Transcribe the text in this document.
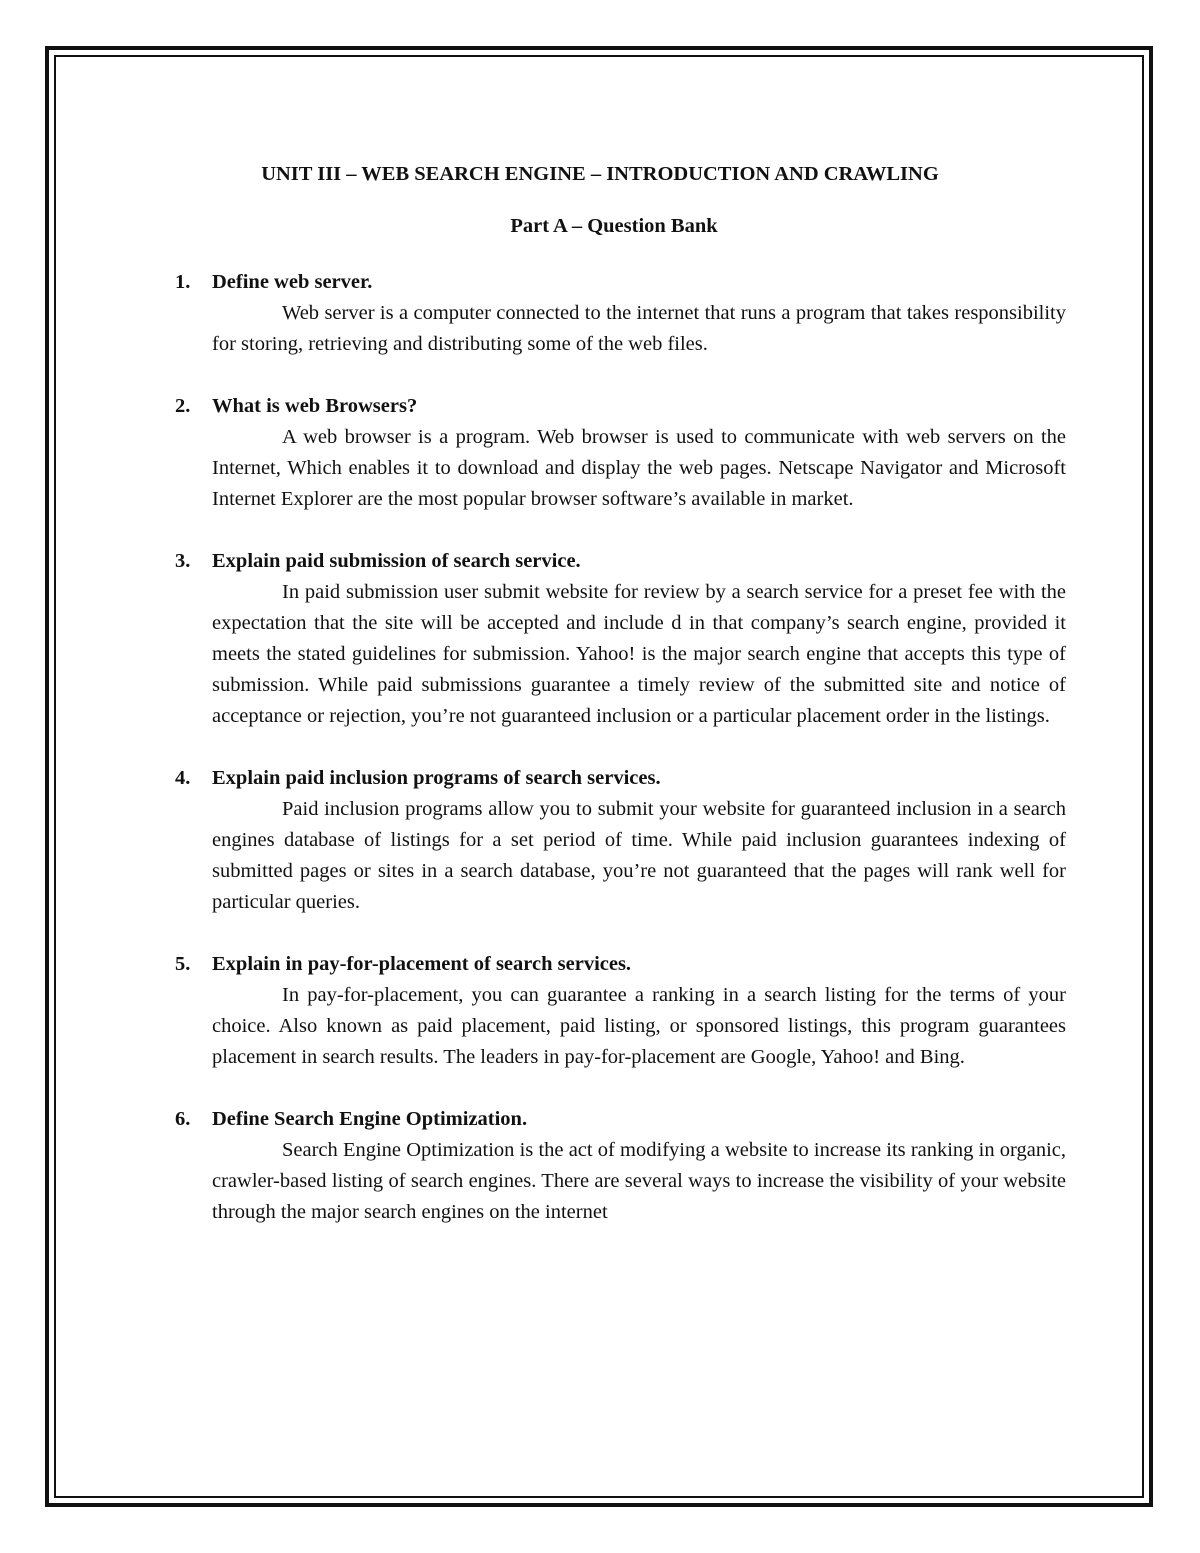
UNIT III – WEB SEARCH ENGINE – INTRODUCTION AND CRAWLING
Part A – Question Bank
1. Define web server.

Web server is a computer connected to the internet that runs a program that takes responsibility for storing, retrieving and distributing some of the web files.

2. What is web Browsers?

A web browser is a program. Web browser is used to communicate with web servers on the Internet, Which enables it to download and display the web pages. Netscape Navigator and Microsoft Internet Explorer are the most popular browser software’s available in market.

3. Explain paid submission of search service.

In paid submission user submit website for review by a search service for a preset fee with the expectation that the site will be accepted and include d in that company’s search engine, provided it meets the stated guidelines for submission. Yahoo! is the major search engine that accepts this type of submission. While paid submissions guarantee a timely review of the submitted site and notice of acceptance or rejection, you’re not guaranteed inclusion or a particular placement order in the listings.

4. Explain paid inclusion programs of search services.

Paid inclusion programs allow you to submit your website for guaranteed inclusion in a search engines database of listings for a set period of time. While paid inclusion guarantees indexing of submitted pages or sites in a search database, you’re not guaranteed that the pages will rank well for particular queries.

5. Explain in pay-for-placement of search services.

In pay-for-placement, you can guarantee a ranking in a search listing for the terms of your choice. Also known as paid placement, paid listing, or sponsored listings, this program guarantees placement in search results. The leaders in pay-for-placement are Google, Yahoo! and Bing.

6. Define Search Engine Optimization.

Search Engine Optimization is the act of modifying a website to increase its ranking in organic, crawler-based listing of search engines. There are several ways to increase the visibility of your website through the major search engines on the internet
